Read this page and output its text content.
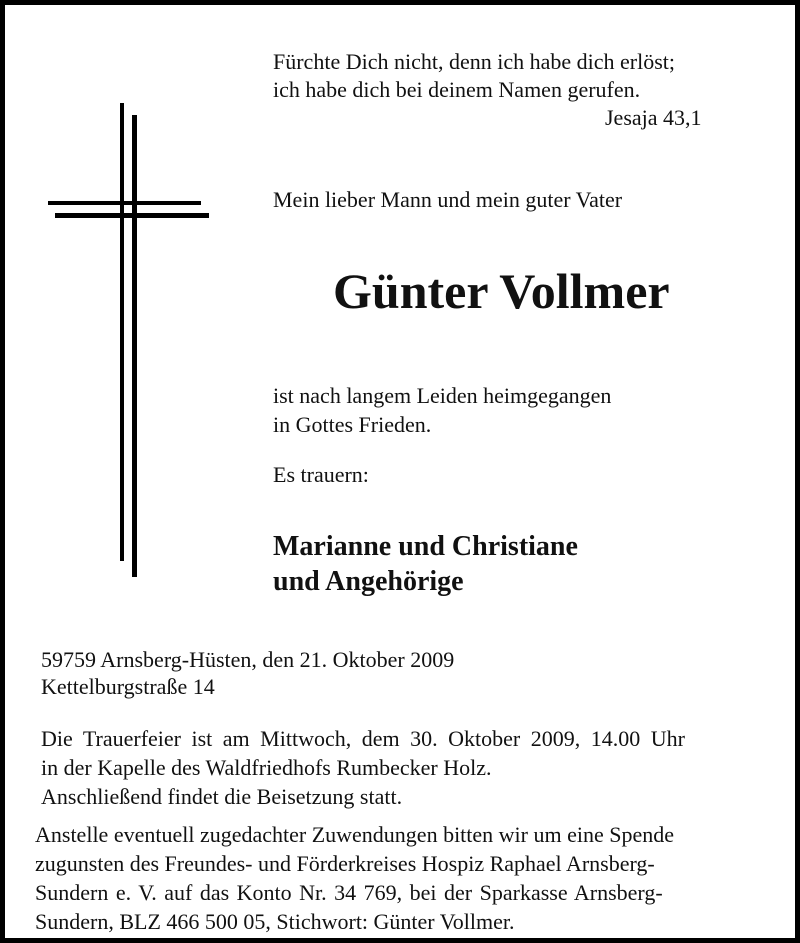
Fürchte Dich nicht, denn ich habe dich erlöst;
ich habe dich bei deinem Namen gerufen.
Jesaja 43,1
Mein lieber Mann und mein guter Vater
Günter Vollmer
ist nach langem Leiden heimgegangen
in Gottes Frieden.
Es trauern:
Marianne und Christiane
und Angehörige
59759 Arnsberg-Hüsten, den 21. Oktober 2009
Kettelburgstraße 14
Die Trauerfeier ist am Mittwoch, dem 30. Oktober 2009, 14.00 Uhr
in der Kapelle des Waldfriedhofs Rumbecker Holz.
Anschließend findet die Beisetzung statt.
Anstelle eventuell zugedachter Zuwendungen bitten wir um eine Spende
zugunsten des Freundes- und Förderkreises Hospiz Raphael Arnsberg-
Sundern e. V. auf das Konto Nr. 34 769, bei der Sparkasse Arnsberg-
Sundern, BLZ 466 500 05, Stichwort: Günter Vollmer.
